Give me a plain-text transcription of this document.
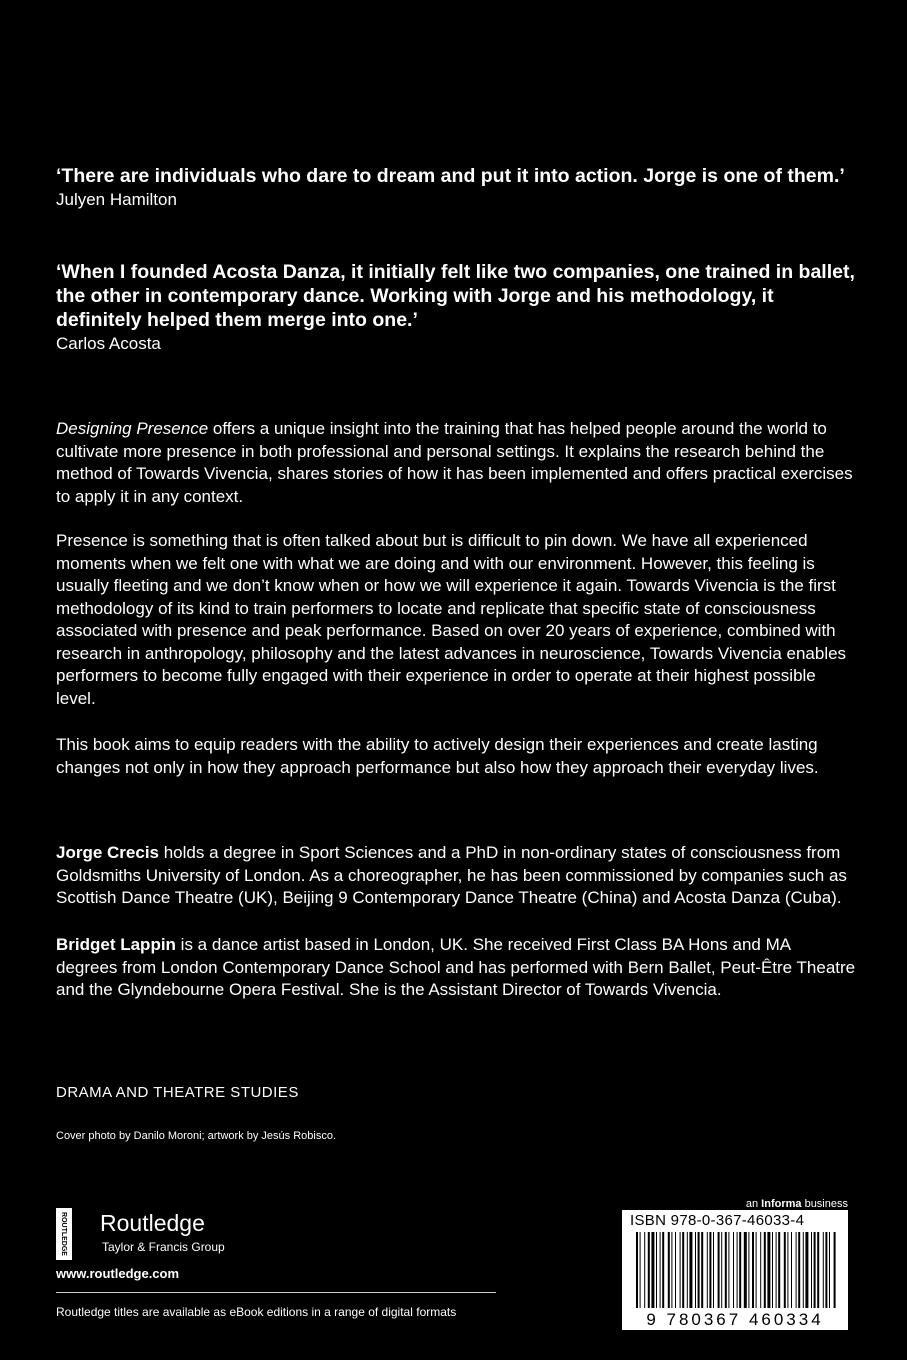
‘There are individuals who dare to dream and put it into action. Jorge is one of them.’

Julyen Hamilton

‘When I founded Acosta Danza, it initially felt like two companies, one trained in ballet, the other in contemporary dance. Working with Jorge and his methodology, it definitely helped them merge into one.’

Carlos Acosta

Designing Presence offers a unique insight into the training that has helped people around the world to cultivate more presence in both professional and personal settings. It explains the research behind the method of Towards Vivencia, shares stories of how it has been implemented and offers practical exercises to apply it in any context.

Presence is something that is often talked about but is difficult to pin down. We have all experienced moments when we felt one with what we are doing and with our environment. However, this feeling is usually fleeting and we don’t know when or how we will experience it again. Towards Vivencia is the first methodology of its kind to train performers to locate and replicate that specific state of consciousness associated with presence and peak performance. Based on over 20 years of experience, combined with research in anthropology, philosophy and the latest advances in neuroscience, Towards Vivencia enables performers to become fully engaged with their experience in order to operate at their highest possible level.

This book aims to equip readers with the ability to actively design their experiences and create lasting changes not only in how they approach performance but also how they approach their everyday lives.

Jorge Crecis holds a degree in Sport Sciences and a PhD in non-ordinary states of consciousness from Goldsmiths University of London. As a choreographer, he has been commissioned by companies such as Scottish Dance Theatre (UK), Beijing 9 Contemporary Dance Theatre (China) and Acosta Danza (Cuba).

Bridget Lappin is a dance artist based in London, UK. She received First Class BA Hons and MA degrees from London Contemporary Dance School and has performed with Bern Ballet, Peut-Être Theatre and the Glyndebourne Opera Festival. She is the Assistant Director of Towards Vivencia.

DRAMA AND THEATRE STUDIES
Cover photo by Danilo Moroni; artwork by Jesús Robisco.
ROUTLEDGE Routledge
Taylor & Francis Group
www.routledge.com
Routledge titles are available as eBook editions in a range of digital formats
an Informa business
ISBN 978-0-367-46033-4
9 780367 460334
